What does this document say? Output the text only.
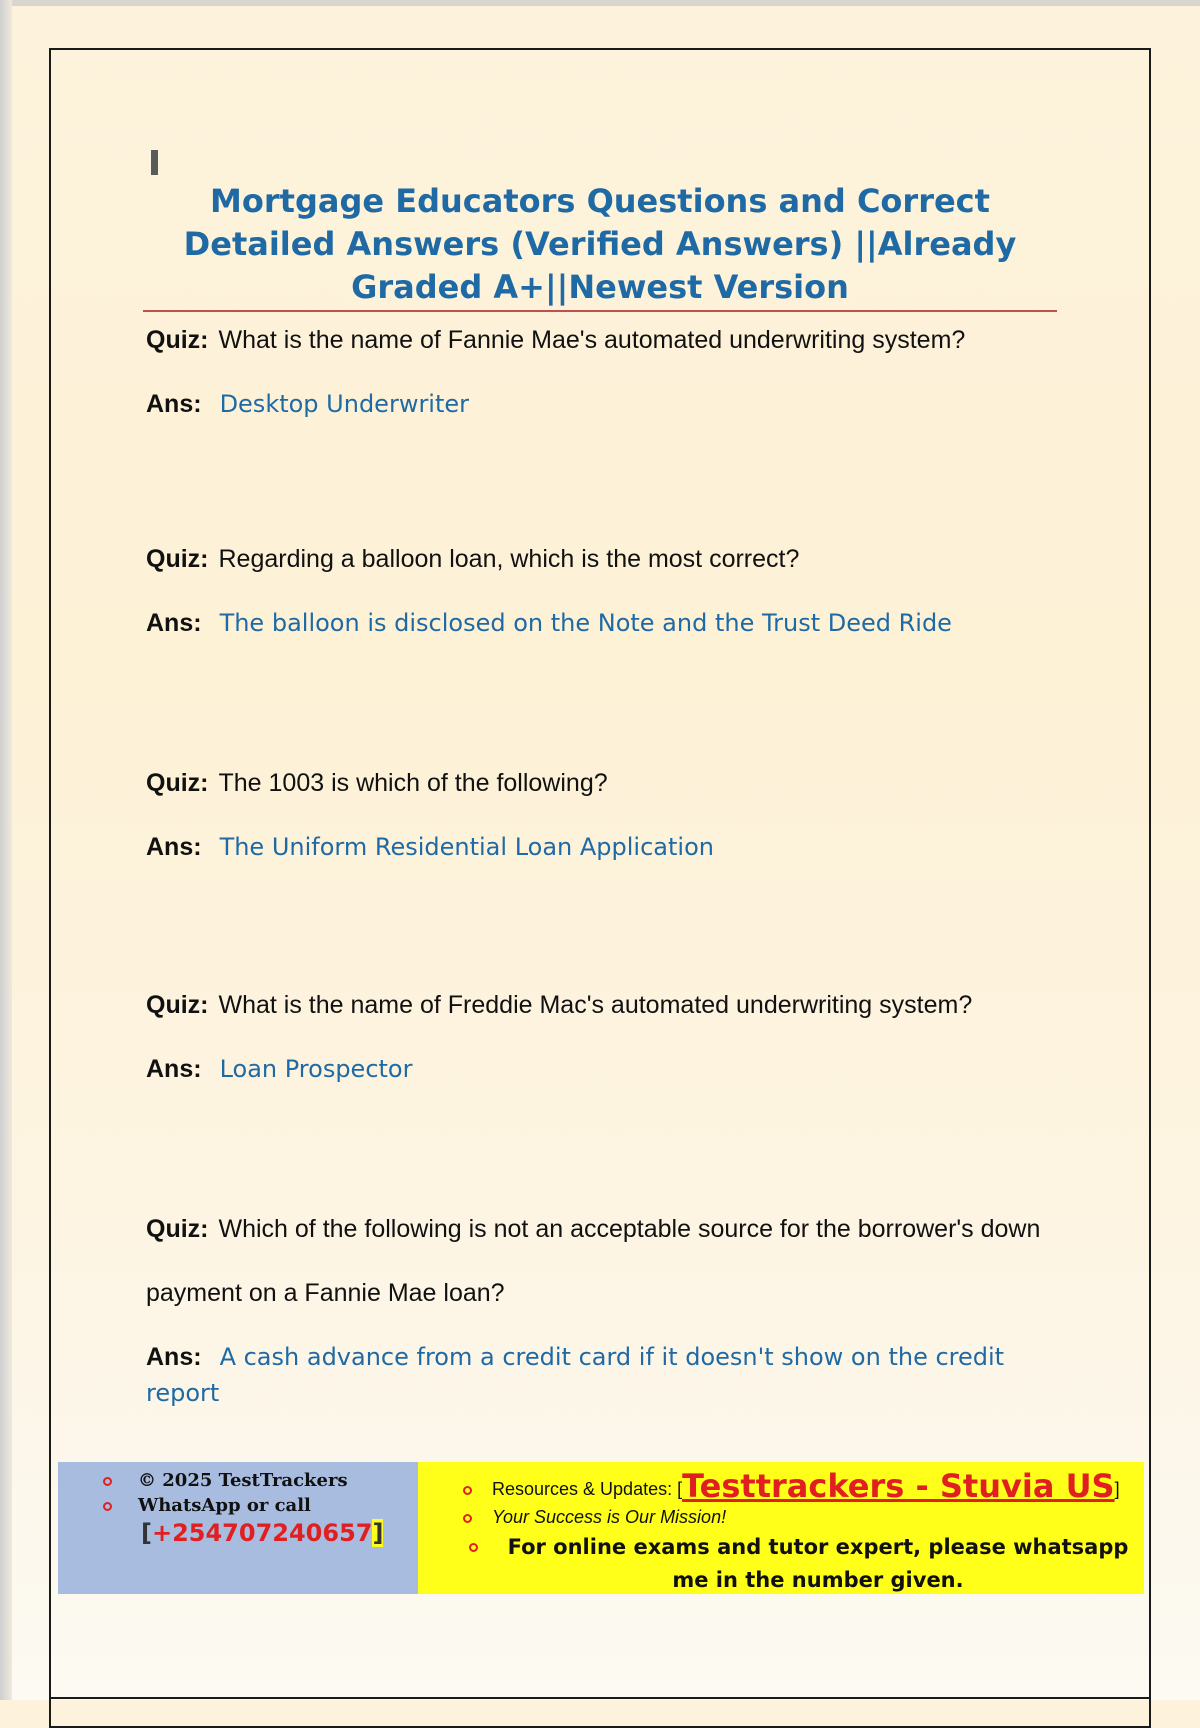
Mortgage Educators Questions and Correct Detailed Answers (Verified Answers) ||Already Graded A+||Newest Version

Quiz: What is the name of Fannie Mae's automated underwriting system?

Ans: Desktop Underwriter

Quiz: Regarding a balloon loan, which is the most correct?

Ans: The balloon is disclosed on the Note and the Trust Deed Ride

Quiz: The 1003 is which of the following?

Ans: The Uniform Residential Loan Application

Quiz: What is the name of Freddie Mac's automated underwriting system?

Ans: Loan Prospector

Quiz: Which of the following is not an acceptable source for the borrower's down payment on a Fannie Mae loan?

Ans: A cash advance from a credit card if it doesn't show on the credit report

© 2025 TestTrackers
WhatsApp or call
[+254707240657]
Resources & Updates: [Testtrackers - Stuvia US]
Your Success is Our Mission!
For online exams and tutor expert, please whatsapp me in the number given.
